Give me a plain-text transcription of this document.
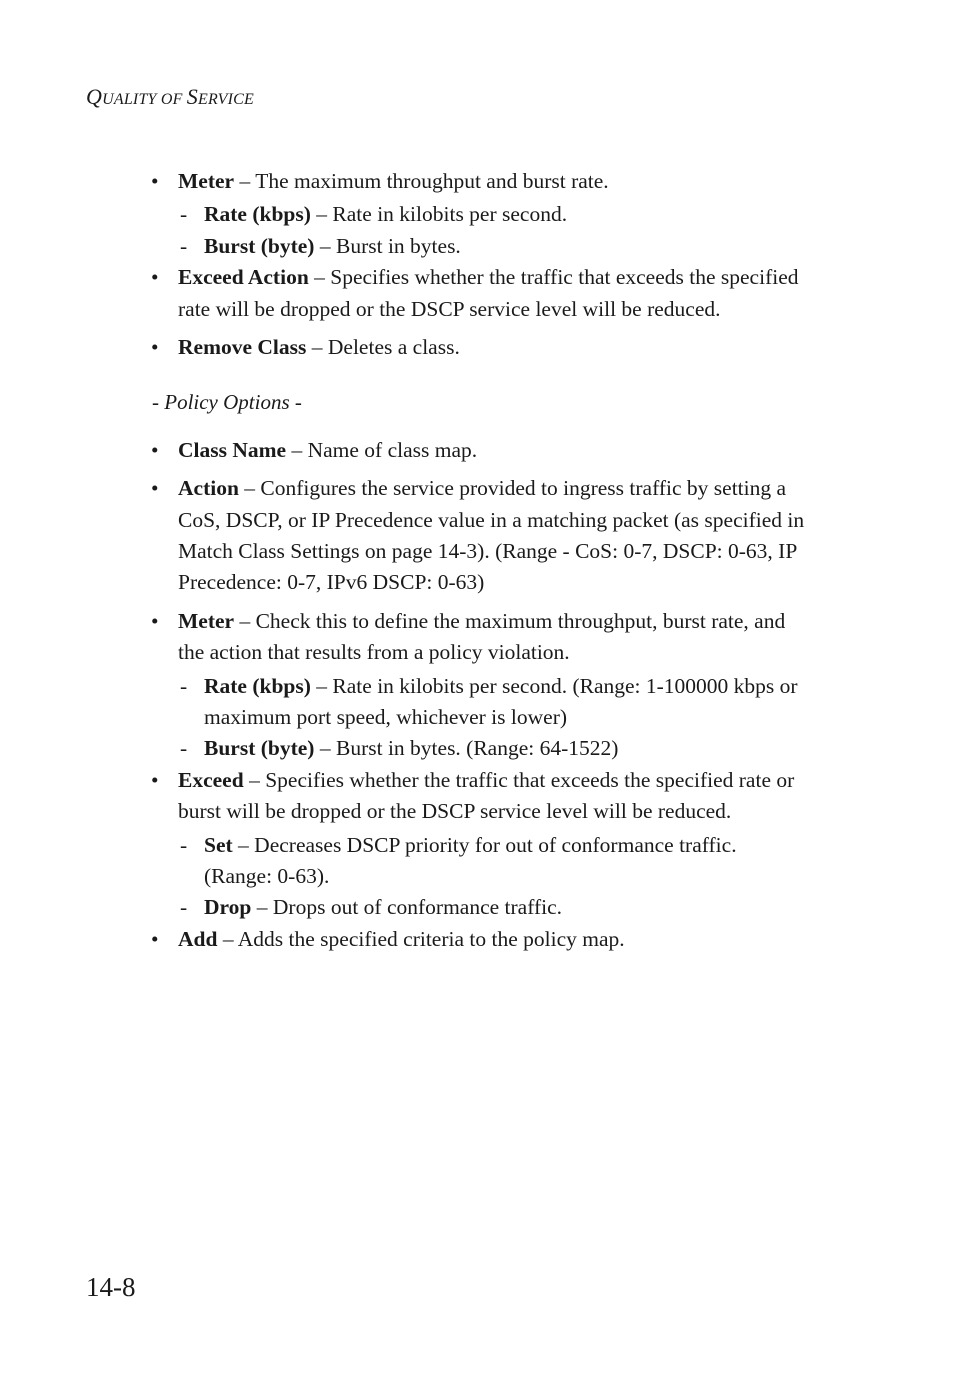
QUALITY OF SERVICE
• Meter – The maximum throughput and burst rate.
- Rate (kbps) – Rate in kilobits per second.
- Burst (byte) – Burst in bytes.
• Exceed Action – Specifies whether the traffic that exceeds the specified
rate will be dropped or the DSCP service level will be reduced.
• Remove Class – Deletes a class.
- Policy Options -
• Class Name – Name of class map.
• Action – Configures the service provided to ingress traffic by setting a
CoS, DSCP, or IP Precedence value in a matching packet (as specified in
Match Class Settings on page 14-3). (Range - CoS: 0-7, DSCP: 0-63, IP
Precedence: 0-7, IPv6 DSCP: 0-63)
• Meter – Check this to define the maximum throughput, burst rate, and
the action that results from a policy violation.
- Rate (kbps) – Rate in kilobits per second. (Range: 1-100000 kbps or
maximum port speed, whichever is lower)
- Burst (byte) – Burst in bytes. (Range: 64-1522)
• Exceed – Specifies whether the traffic that exceeds the specified rate or
burst will be dropped or the DSCP service level will be reduced.
- Set – Decreases DSCP priority for out of conformance traffic.
(Range: 0-63).
- Drop – Drops out of conformance traffic.
• Add – Adds the specified criteria to the policy map.
14-8
